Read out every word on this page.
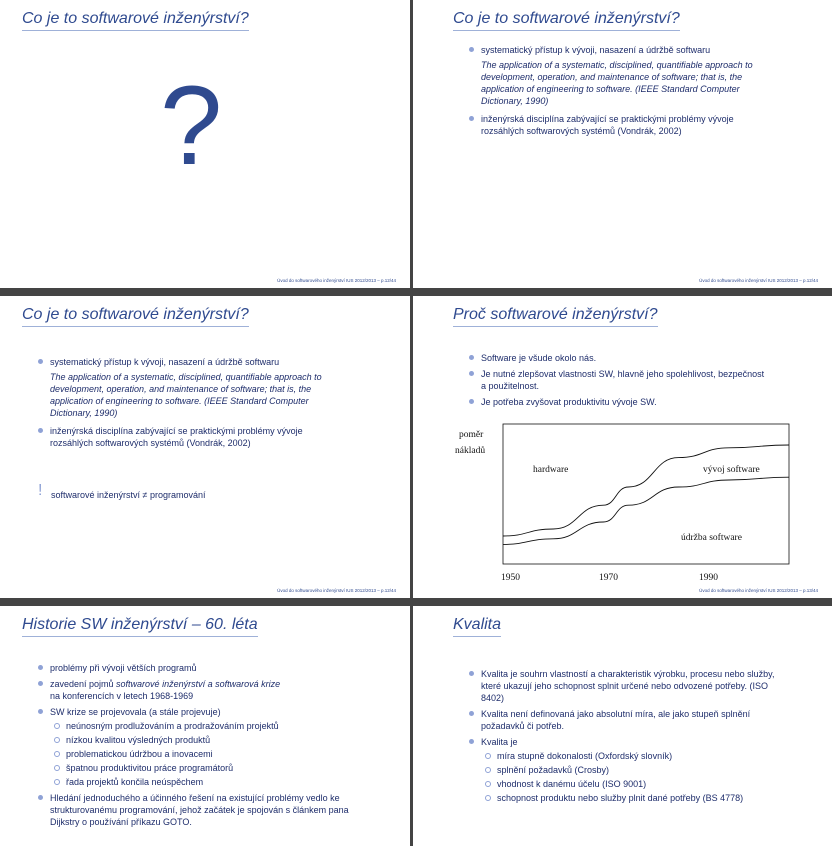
Co je to softwarové inženýrství?
?
Úvod do softwarového inženýrství IUS 2012/2013 – p.12/44
Co je to softwarové inženýrství?
systematický přístup k vývoji, nasazení a údržbě softwaru
The application of a systematic, disciplined, quantifiable approach to development, operation, and maintenance of software; that is, the application of engineering to software. (IEEE Standard Computer Dictionary, 1990)
inženýrská disciplína zabývající se praktickými problémy vývoje rozsáhlých softwarových systémů (Vondrák, 2002)
Úvod do softwarového inženýrství IUS 2012/2013 – p.12/44
Co je to softwarové inženýrství?
systematický přístup k vývoji, nasazení a údržbě softwaru
The application of a systematic, disciplined, quantifiable approach to development, operation, and maintenance of software; that is, the application of engineering to software. (IEEE Standard Computer Dictionary, 1990)
inženýrská disciplína zabývající se praktickými problémy vývoje rozsáhlých softwarových systémů (Vondrák, 2002)
! softwarové inženýrství ≠ programování
Úvod do softwarového inženýrství IUS 2012/2013 – p.12/44
Proč softwarové inženýrství?
Software je všude okolo nás.
Je nutné zlepšovat vlastnosti SW, hlavně jeho spolehlivost, bezpečnost a použitelnost.
Je potřeba zvyšovat produktivitu vývoje SW.
poměr
nákladů
hardware	vývoj software
údržba software
1950	1970	1990
Úvod do softwarového inženýrství IUS 2012/2013 – p.13/44
Historie SW inženýrství – 60. léta
problémy při vývoji větších programů
zavedení pojmů softwarové inženýrství a softwarová krize
na konferencích v letech 1968-1969
SW krize se projevovala (a stále projevuje)
neúnosným prodlužováním a prodražováním projektů
nízkou kvalitou výsledných produktů
problematickou údržbou a inovacemi
špatnou produktivitou práce programátorů
řada projektů končila neúspěchem
Hledání jednoduchého a účinného řešení na existující problémy vedlo ke strukturovanému programování, jehož začátek je spojován s článkem pana Dijkstry o používání příkazu GOTO.
Kvalita
Kvalita je souhrn vlastností a charakteristik výrobku, procesu nebo služby, které ukazují jeho schopnost splnit určené nebo odvozené potřeby. (ISO 8402)
Kvalita není definovaná jako absolutní míra, ale jako stupeň splnění požadavků či potřeb.
Kvalita je
míra stupně dokonalosti (Oxfordský slovník)
splnění požadavků (Crosby)
vhodnost k danému účelu (ISO 9001)
schopnost produktu nebo služby plnit dané potřeby (BS 4778)
